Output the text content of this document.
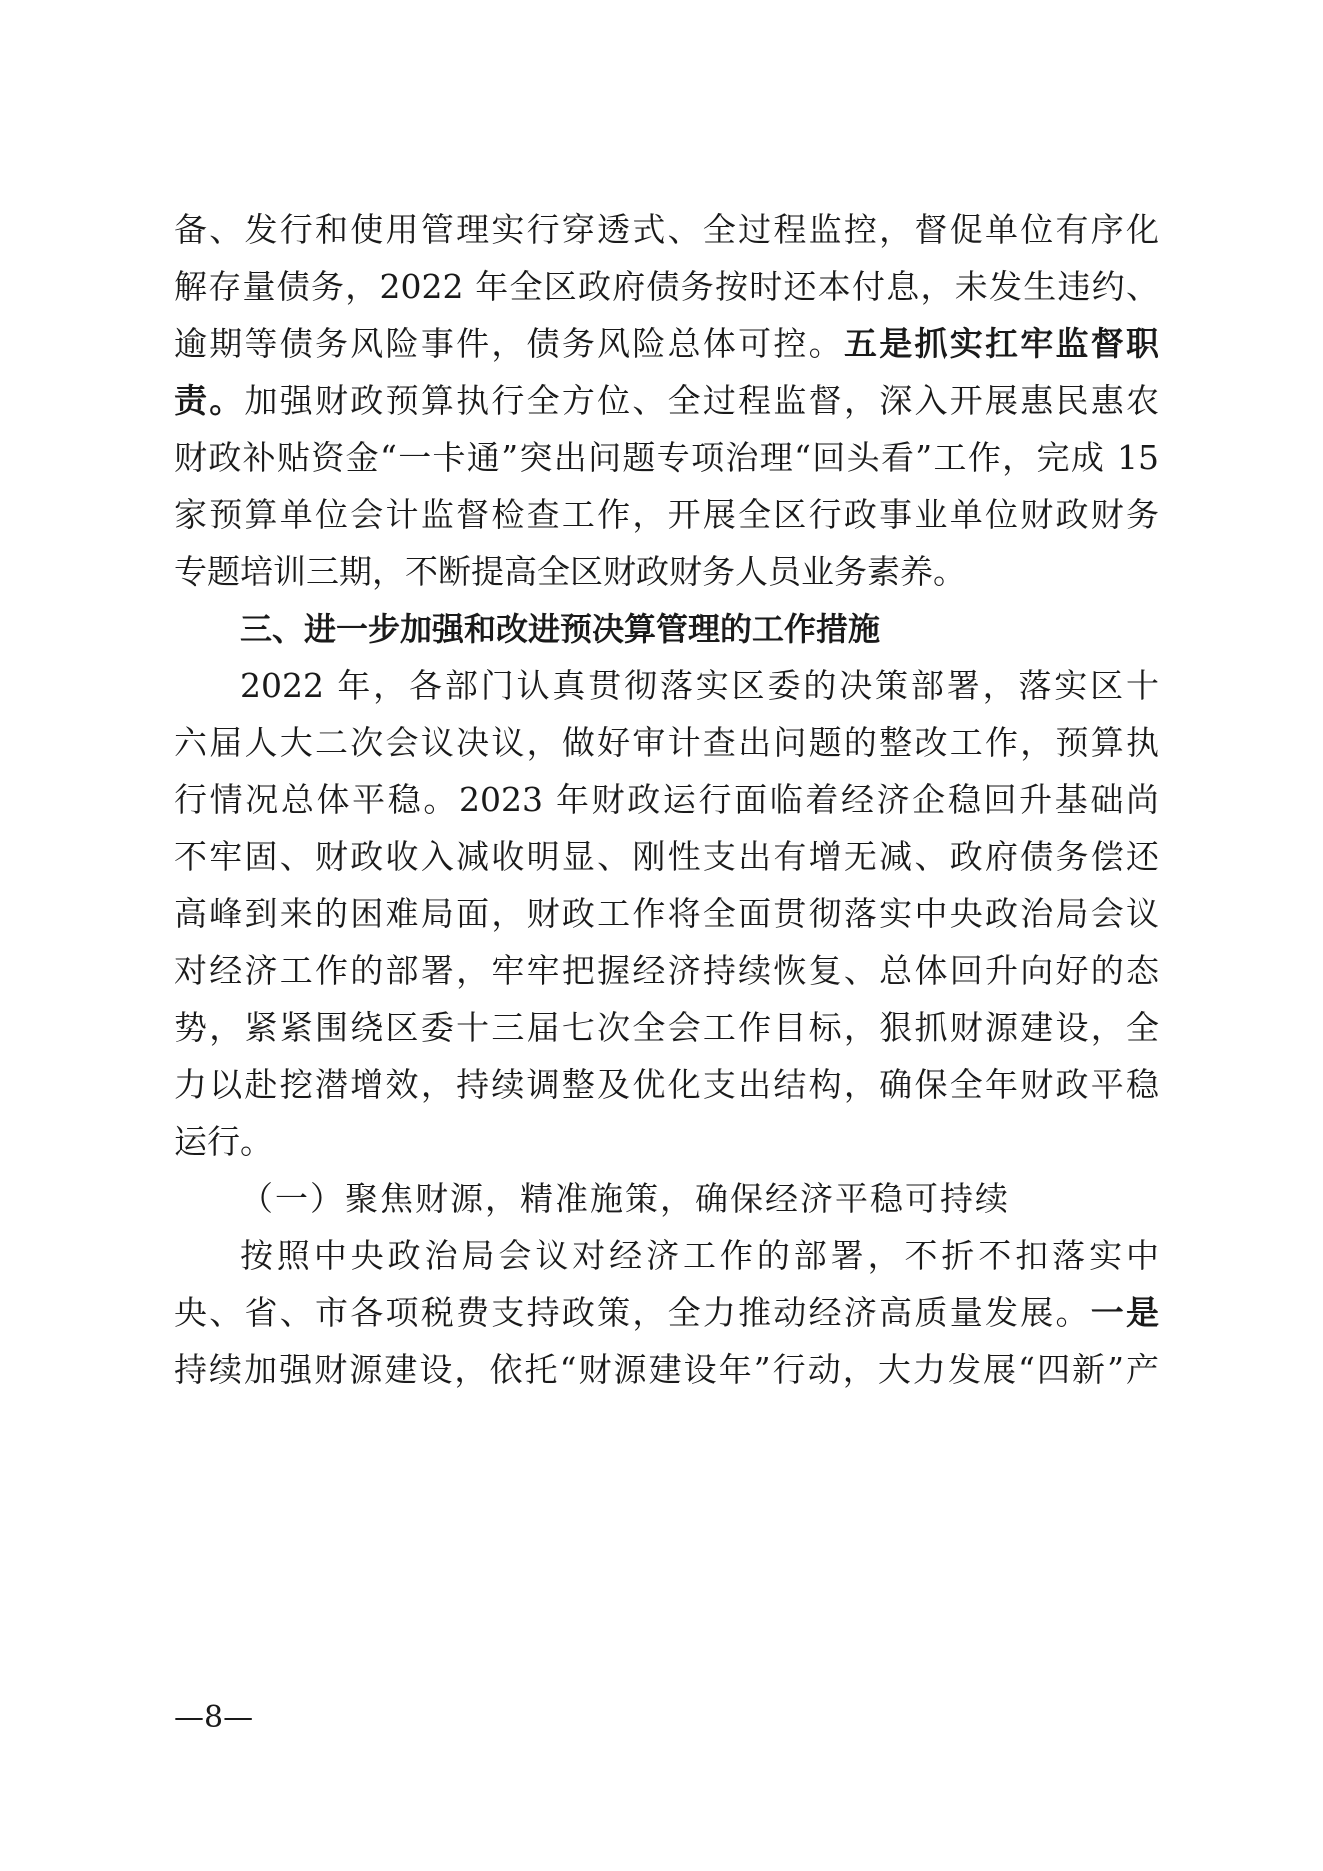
备、发行和使用管理实行穿透式、全过程监控，督促单位有序化
解存量债务，2022 年全区政府债务按时还本付息，未发生违约、
逾期等债务风险事件，债务风险总体可控。五是抓实扛牢监督职
责。加强财政预算执行全方位、全过程监督，深入开展惠民惠农
财政补贴资金“一卡通”突出问题专项治理“回头看”工作，完成 15
家预算单位会计监督检查工作，开展全区行政事业单位财政财务
专题培训三期，不断提高全区财政财务人员业务素养。
三、进一步加强和改进预决算管理的工作措施
2022 年，各部门认真贯彻落实区委的决策部署，落实区十
六届人大二次会议决议，做好审计查出问题的整改工作，预算执
行情况总体平稳。2023 年财政运行面临着经济企稳回升基础尚
不牢固、财政收入减收明显、刚性支出有增无减、政府债务偿还
高峰到来的困难局面，财政工作将全面贯彻落实中央政治局会议
对经济工作的部署，牢牢把握经济持续恢复、总体回升向好的态
势，紧紧围绕区委十三届七次全会工作目标，狠抓财源建设，全
力以赴挖潜增效，持续调整及优化支出结构，确保全年财政平稳
运行。
（一）聚焦财源，精准施策，确保经济平稳可持续
按照中央政治局会议对经济工作的部署，不折不扣落实中
央、省、市各项税费支持政策，全力推动经济高质量发展。一是
持续加强财源建设，依托“财源建设年”行动，大力发展“四新”产
—8—
